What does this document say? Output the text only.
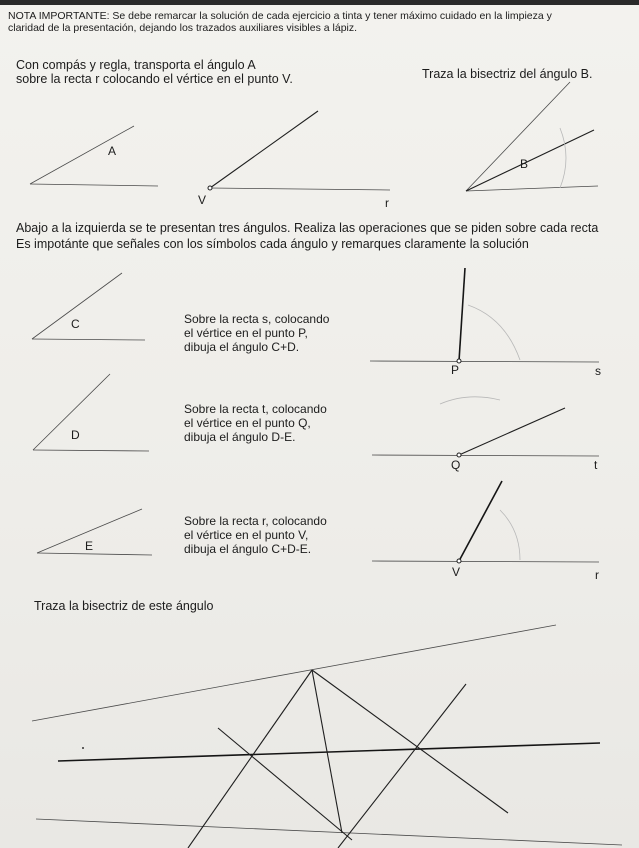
NOTA IMPORTANTE: Se debe remarcar la solución de cada ejercicio a tinta y tener máximo cuidado en la limpieza y
claridad de la presentación, dejando los trazados auxiliares visibles a lápiz.
Con compás y regla, transporta el ángulo A
sobre la recta r colocando el vértice en el punto V.	Traza la bisectriz del ángulo B.
A
V	r
B
Abajo a la izquierda se te presentan tres ángulos. Realiza las operaciones que se piden sobre cada recta
Es impotánte que señales con los símbolos cada ángulo y remarques claramente la solución
C
D
E
Sobre la recta s, colocando
el vértice en el punto P,
dibuja el ángulo C+D.
Sobre la recta t, colocando
el vértice en el punto Q,
dibuja el ángulo D-E.
Sobre la recta r, colocando
el vértice en el punto V,
dibuja el ángulo C+D-E.
P	s
Q	t
V	r
Traza la bisectriz de este ángulo
